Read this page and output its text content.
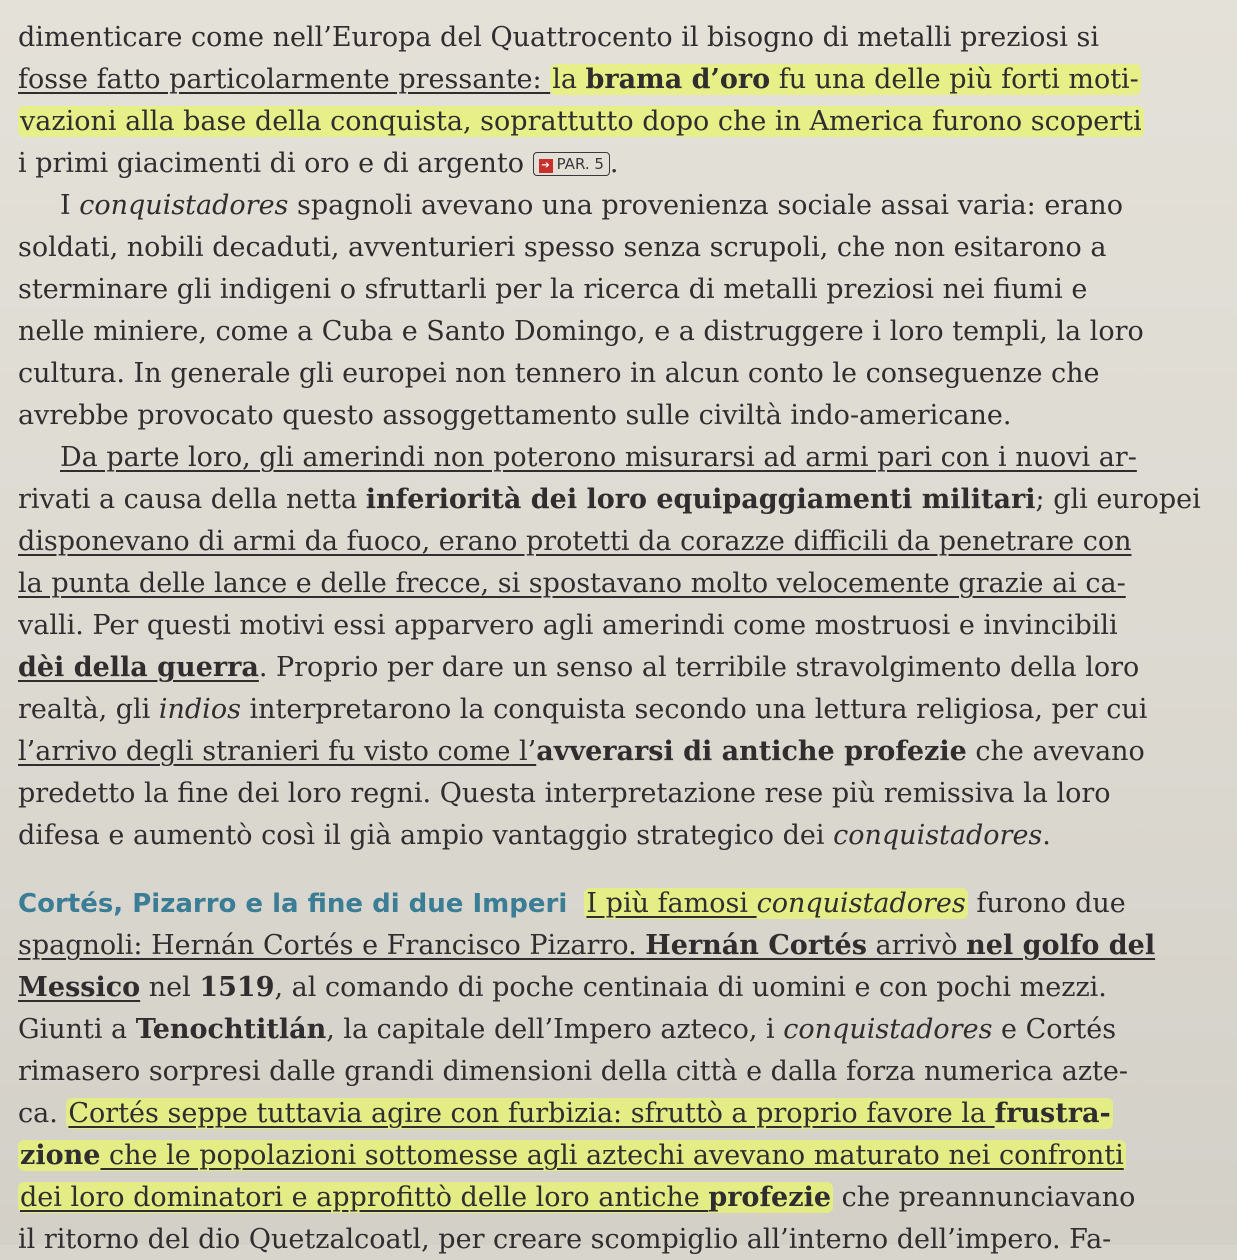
dimenticare come nell’Europa del Quattrocento il bisogno di metalli preziosi si
fosse fatto particolarmente pressante: la brama d’oro fu una delle più forti moti-
vazioni alla base della conquista, soprattutto dopo che in America furono scoperti
i primi giacimenti di oro e di argento ➔ PAR. 5 .
I conquistadores spagnoli avevano una provenienza sociale assai varia: erano
soldati, nobili decaduti, avventurieri spesso senza scrupoli, che non esitarono a
sterminare gli indigeni o sfruttarli per la ricerca di metalli preziosi nei fiumi e
nelle miniere, come a Cuba e Santo Domingo, e a distruggere i loro templi, la loro
cultura. In generale gli europei non tennero in alcun conto le conseguenze che
avrebbe provocato questo assoggettamento sulle civiltà indo-americane.
Da parte loro, gli amerindi non poterono misurarsi ad armi pari con i nuovi ar-
rivati a causa della netta inferiorità dei loro equipaggiamenti militari; gli europei
disponevano di armi da fuoco, erano protetti da corazze difficili da penetrare con
la punta delle lance e delle frecce, si spostavano molto velocemente grazie ai ca-
valli. Per questi motivi essi apparvero agli amerindi come mostruosi e invincibili
dèi della guerra. Proprio per dare un senso al terribile stravolgimento della loro
realtà, gli indios interpretarono la conquista secondo una lettura religiosa, per cui
l’arrivo degli stranieri fu visto come l’avverarsi di antiche profezie che avevano
predetto la fine dei loro regni. Questa interpretazione rese più remissiva la loro
difesa e aumentò così il già ampio vantaggio strategico dei conquistadores.
Cortés, Pizarro e la fine di due Imperi I più famosi conquistadores furono due
spagnoli: Hernán Cortés e Francisco Pizarro. Hernán Cortés arrivò nel golfo del
Messico nel 1519, al comando di poche centinaia di uomini e con pochi mezzi.
Giunti a Tenochtitlán, la capitale dell’Impero azteco, i conquistadores e Cortés
rimasero sorpresi dalle grandi dimensioni della città e dalla forza numerica azte-
ca. Cortés seppe tuttavia agire con furbizia: sfruttò a proprio favore la frustra-
zione che le popolazioni sottomesse agli aztechi avevano maturato nei confronti
dei loro dominatori e approfittò delle loro antiche profezie che preannunciavano
il ritorno del dio Quetzalcoatl, per creare scompiglio all’interno dell’impero. Fa-
